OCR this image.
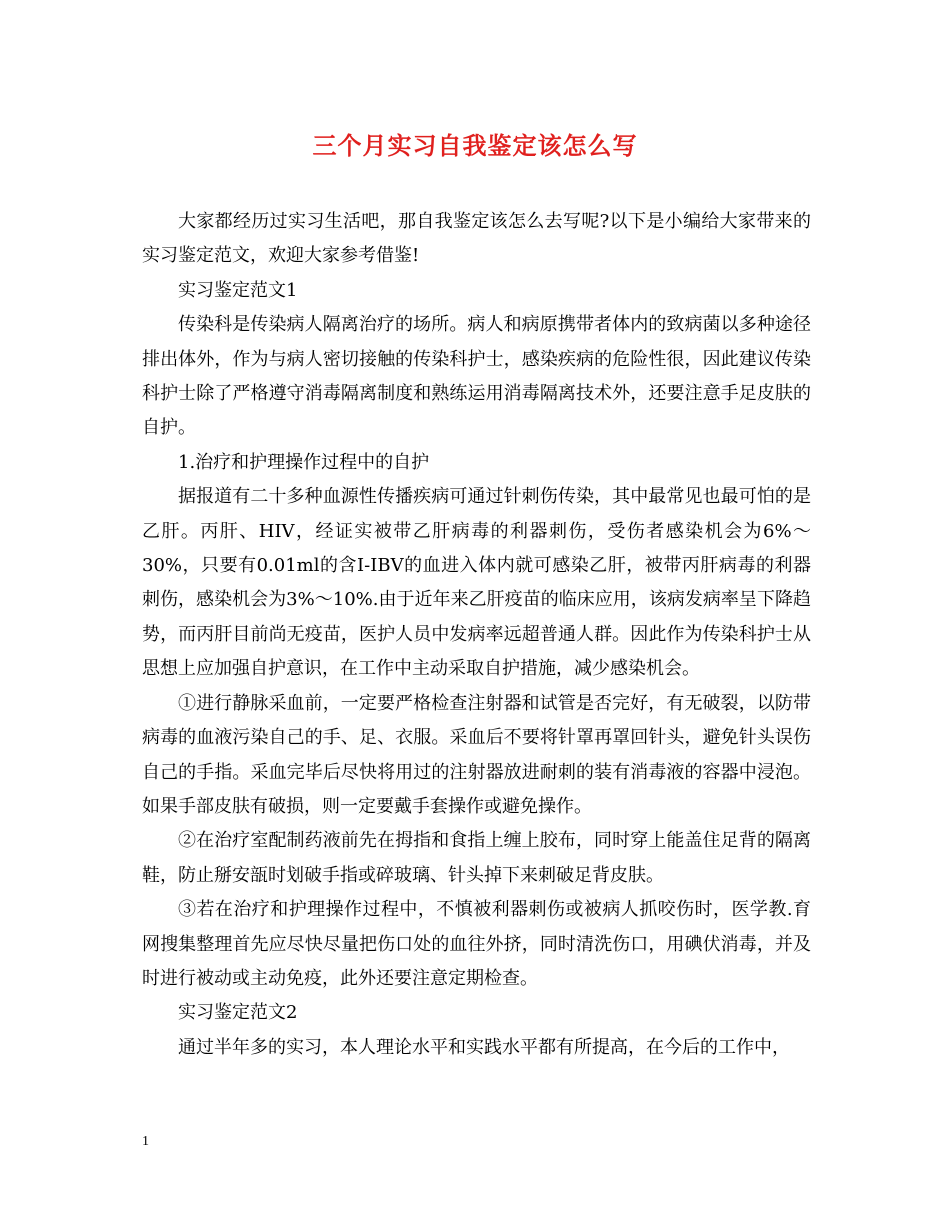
三个月实习自我鉴定该怎么写

大家都经历过实习生活吧，那自我鉴定该怎么去写呢?以下是小编给大家带来的实习鉴定范文，欢迎大家参考借鉴!

实习鉴定范文1

传染科是传染病人隔离治疗的场所。病人和病原携带者体内的致病菌以多种途径排出体外，作为与病人密切接触的传染科护士，感染疾病的危险性很，因此建议传染科护士除了严格遵守消毒隔离制度和熟练运用消毒隔离技术外，还要注意手足皮肤的自护。

1.治疗和护理操作过程中的自护

据报道有二十多种血源性传播疾病可通过针刺伤传染，其中最常见也最可怕的是乙肝。丙肝、HIV，经证实被带乙肝病毒的利器刺伤，受伤者感染机会为6%～30%，只要有0.01ml的含I-IBV的血进入体内就可感染乙肝，被带丙肝病毒的利器刺伤，感染机会为3%～10%.由于近年来乙肝疫苗的临床应用，该病发病率呈下降趋势，而丙肝目前尚无疫苗，医护人员中发病率远超普通人群。因此作为传染科护士从思想上应加强自护意识，在工作中主动采取自护措施，减少感染机会。

①进行静脉采血前，一定要严格检查注射器和试管是否完好，有无破裂，以防带病毒的血液污染自己的手、足、衣服。采血后不要将针罩再罩回针头，避免针头误伤自己的手指。采血完毕后尽快将用过的注射器放进耐刺的装有消毒液的容器中浸泡。如果手部皮肤有破损，则一定要戴手套操作或避免操作。

②在治疗室配制药液前先在拇指和食指上缠上胶布，同时穿上能盖住足背的隔离鞋，防止掰安瓿时划破手指或碎玻璃、针头掉下来刺破足背皮肤。

③若在治疗和护理操作过程中，不慎被利器刺伤或被病人抓咬伤时，医学教.育网搜集整理首先应尽快尽量把伤口处的血往外挤，同时清洗伤口，用碘伏消毒，并及时进行被动或主动免疫，此外还要注意定期检查。

实习鉴定范文2

通过半年多的实习，本人理论水平和实践水平都有所提高，在今后的工作中，

1
